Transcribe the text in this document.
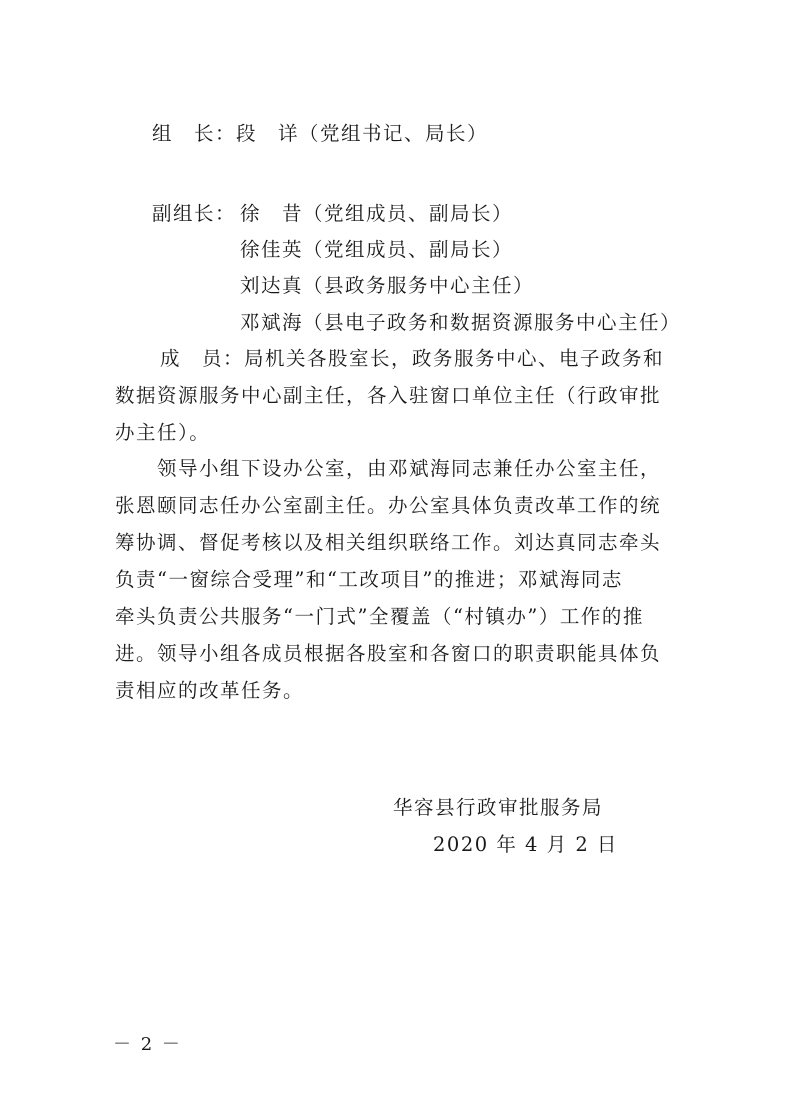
组　长：段　详（党组书记、局长）
副组长： 徐　昔（党组成员、副局长）
徐佳英（党组成员、副局长）
刘达真（县政务服务中心主任）
邓斌海（县电子政务和数据资源服务中心主任）
成　员：局机关各股室长，政务服务中心、电子政务和
数据资源服务中心副主任，各入驻窗口单位主任（行政审批
办主任）。
领导小组下设办公室，由邓斌海同志兼任办公室主任，
张恩颐同志任办公室副主任。办公室具体负责改革工作的统
筹协调、督促考核以及相关组织联络工作。刘达真同志牵头
负责“一窗综合受理”和“工改项目”的推进；邓斌海同志
牵头负责公共服务“一门式”全覆盖（“村镇办”）工作的推
进。领导小组各成员根据各股室和各窗口的职责职能具体负
责相应的改革任务。
华容县行政审批服务局
2020 年 4 月 2 日
－ 2 －
